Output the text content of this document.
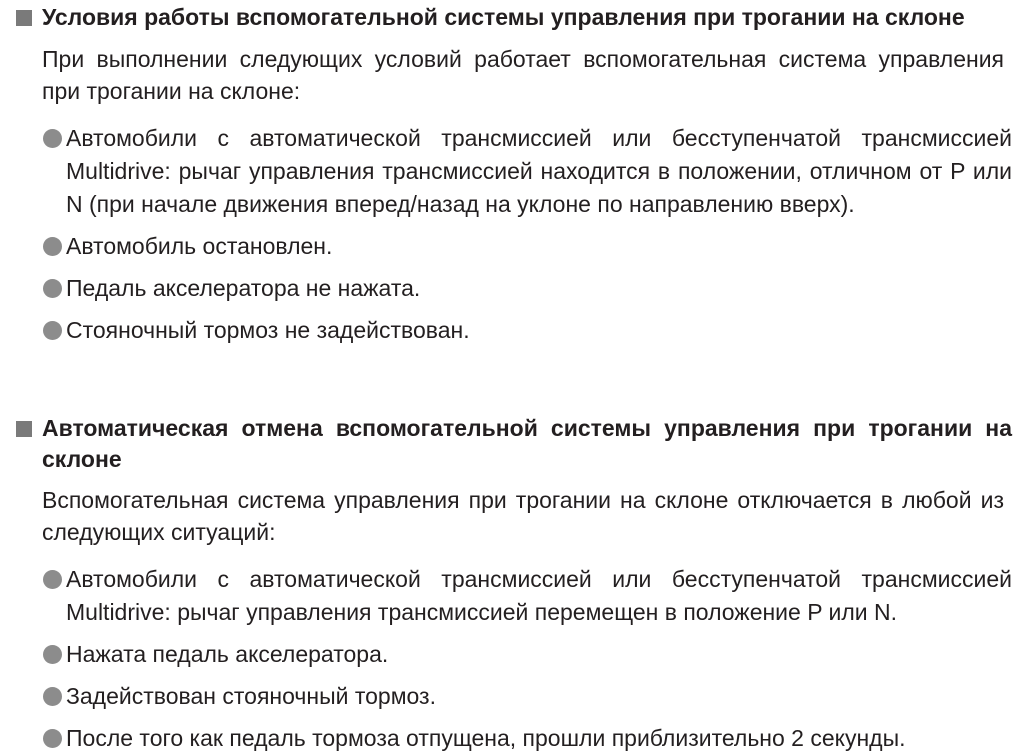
Условия работы вспомогательной системы управления при трогании на склоне

При выполнении следующих условий работает вспомогательная система управления при трогании на склоне:

Автомобили с автоматической трансмиссией или бесступенчатой трансмиссией Multidrive: рычаг управления трансмиссией находится в положении, отличном от P или N (при начале движения вперед/назад на уклоне по направлению вверх).
Автомобиль остановлен.
Педаль акселератора не нажата.
Стояночный тормоз не задействован.
Автоматическая отмена вспомогательной системы управления при трогании на склоне

Вспомогательная система управления при трогании на склоне отключается в любой из следующих ситуаций:

Автомобили с автоматической трансмиссией или бесступенчатой трансмиссией Multidrive: рычаг управления трансмиссией перемещен в положение P или N.
Нажата педаль акселератора.
Задействован стояночный тормоз.
После того как педаль тормоза отпущена, прошли приблизительно 2 секунды.
